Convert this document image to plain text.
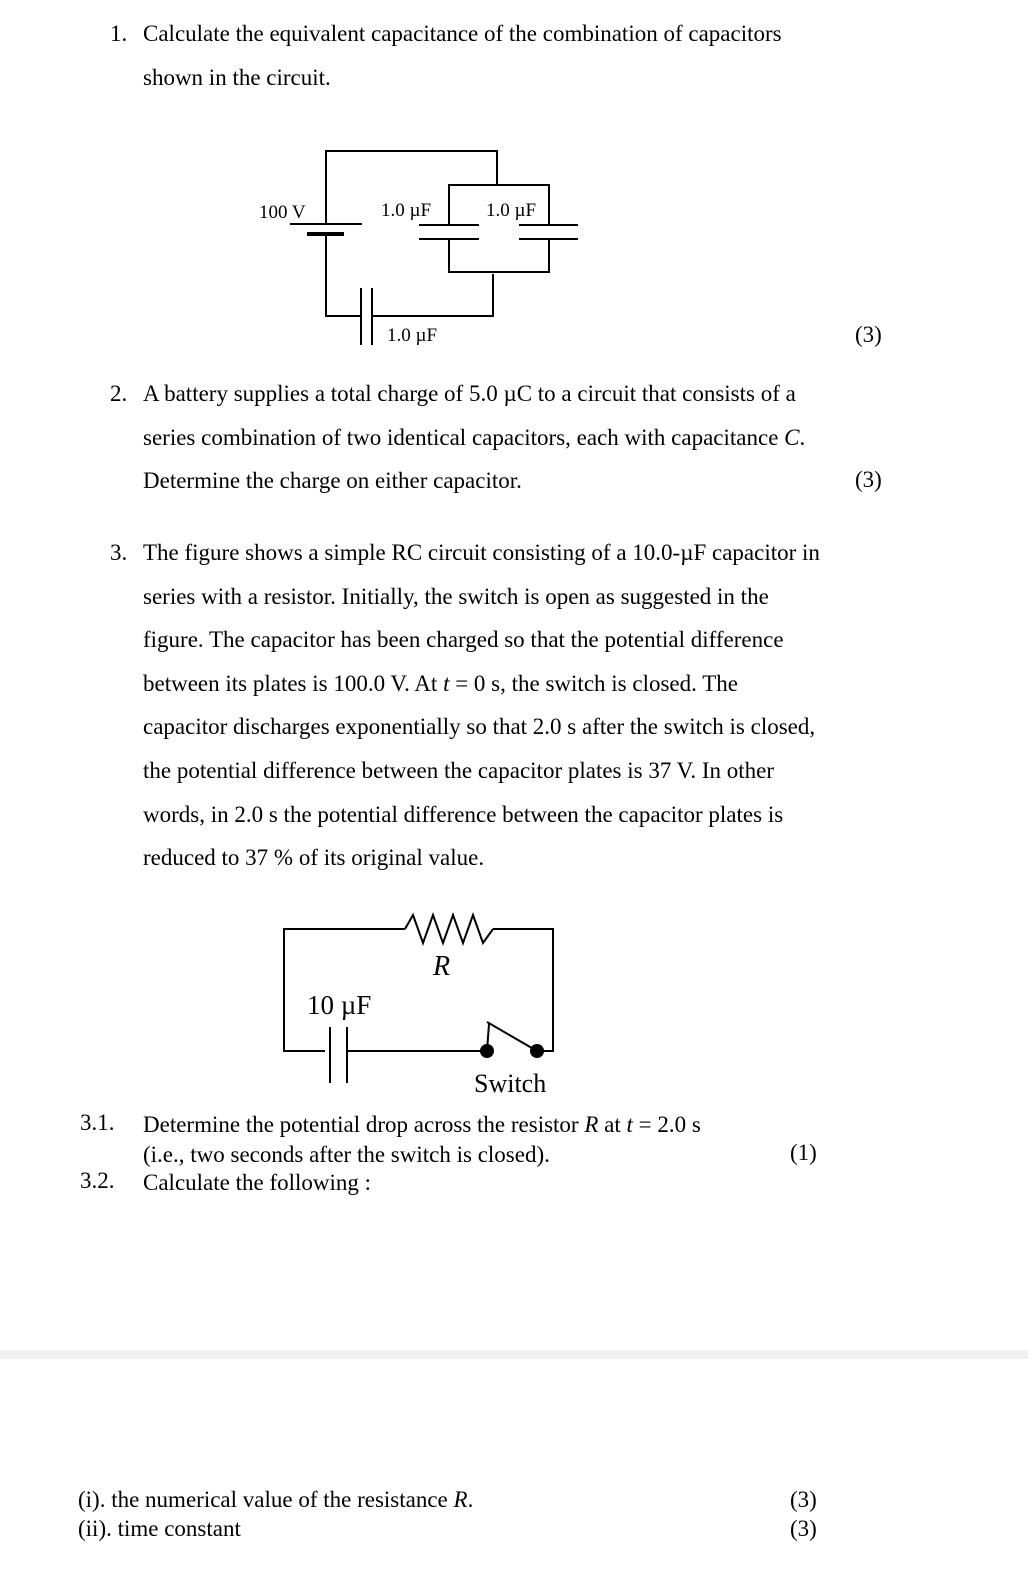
1. Calculate the equivalent capacitance of the combination of capacitors
shown in the circuit.
100 V	1.0 µF	1.0 µF
1.0 µF	(3)
2. A battery supplies a total charge of 5.0 µC to a circuit that consists of a
series combination of two identical capacitors, each with capacitance C.
Determine the charge on either capacitor.	(3)
3. The figure shows a simple RC circuit consisting of a 10.0-µF capacitor in
series with a resistor. Initially, the switch is open as suggested in the
figure. The capacitor has been charged so that the potential difference
between its plates is 100.0 V. At t = 0 s, the switch is closed. The
capacitor discharges exponentially so that 2.0 s after the switch is closed,
the potential difference between the capacitor plates is 37 V. In other
words, in 2.0 s the potential difference between the capacitor plates is
reduced to 37 % of its original value.
R
10 µF
Switch
3.1. Determine the potential drop across the resistor R at t = 2.0 s
(i.e., two seconds after the switch is closed).	(1)
3.2. Calculate the following :
(i). the numerical value of the resistance R.	(3)
(ii). time constant	(3)
